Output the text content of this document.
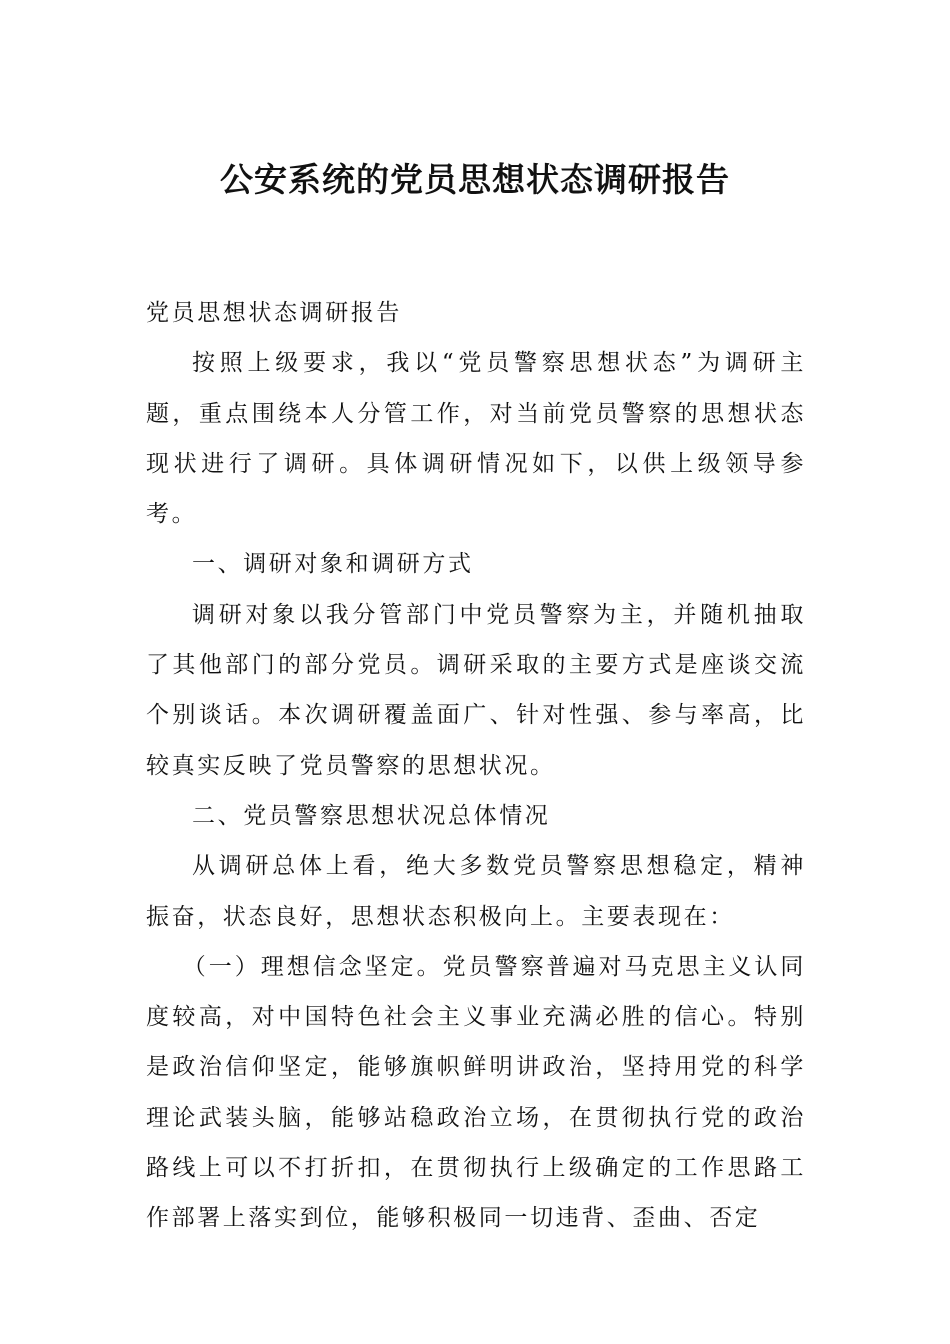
公安系统的党员思想状态调研报告

党员思想状态调研报告

按照上级要求，我以“党员警察思想状态”为调研主题，重点围绕本人分管工作，对当前党员警察的思想状态现状进行了调研。具体调研情况如下，以供上级领导参考。

一、调研对象和调研方式

调研对象以我分管部门中党员警察为主，并随机抽取了其他部门的部分党员。调研采取的主要方式是座谈交流个别谈话。本次调研覆盖面广、针对性强、参与率高，比较真实反映了党员警察的思想状况。

二、党员警察思想状况总体情况

从调研总体上看，绝大多数党员警察思想稳定，精神振奋，状态良好，思想状态积极向上。主要表现在：

（一）理想信念坚定。党员警察普遍对马克思主义认同度较高，对中国特色社会主义事业充满必胜的信心。特别是政治信仰坚定，能够旗帜鲜明讲政治，坚持用党的科学理论武装头脑，能够站稳政治立场，在贯彻执行党的政治路线上可以不打折扣，在贯彻执行上级确定的工作思路工作部署上落实到位，能够积极同一切违背、歪曲、否定
